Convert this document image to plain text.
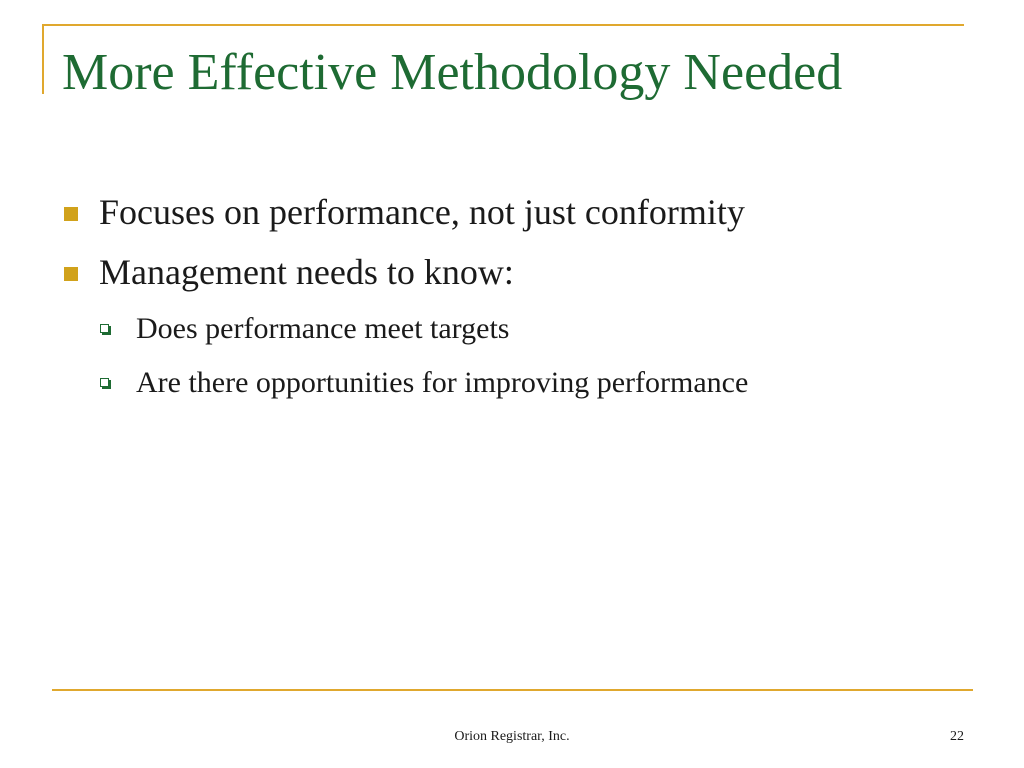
More Effective Methodology Needed
Focuses on performance, not just conformity
Management needs to know:
Does performance meet targets
Are there opportunities for improving performance
Orion Registrar, Inc.	22
